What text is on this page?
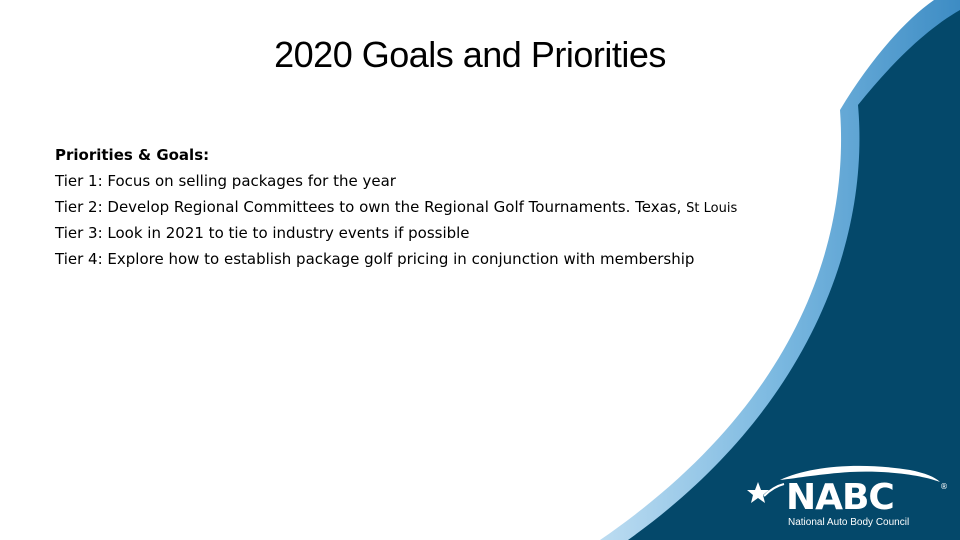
2020 Goals and Priorities
Priorities & Goals:
Tier 1: Focus on selling packages for the year
Tier 2: Develop Regional Committees to own the Regional Golf Tournaments. Texas, St Louis
Tier 3: Look in 2021 to tie to industry events if possible
Tier 4: Explore how to establish package golf pricing in conjunction with membership
NABC	®
National Auto Body Council
